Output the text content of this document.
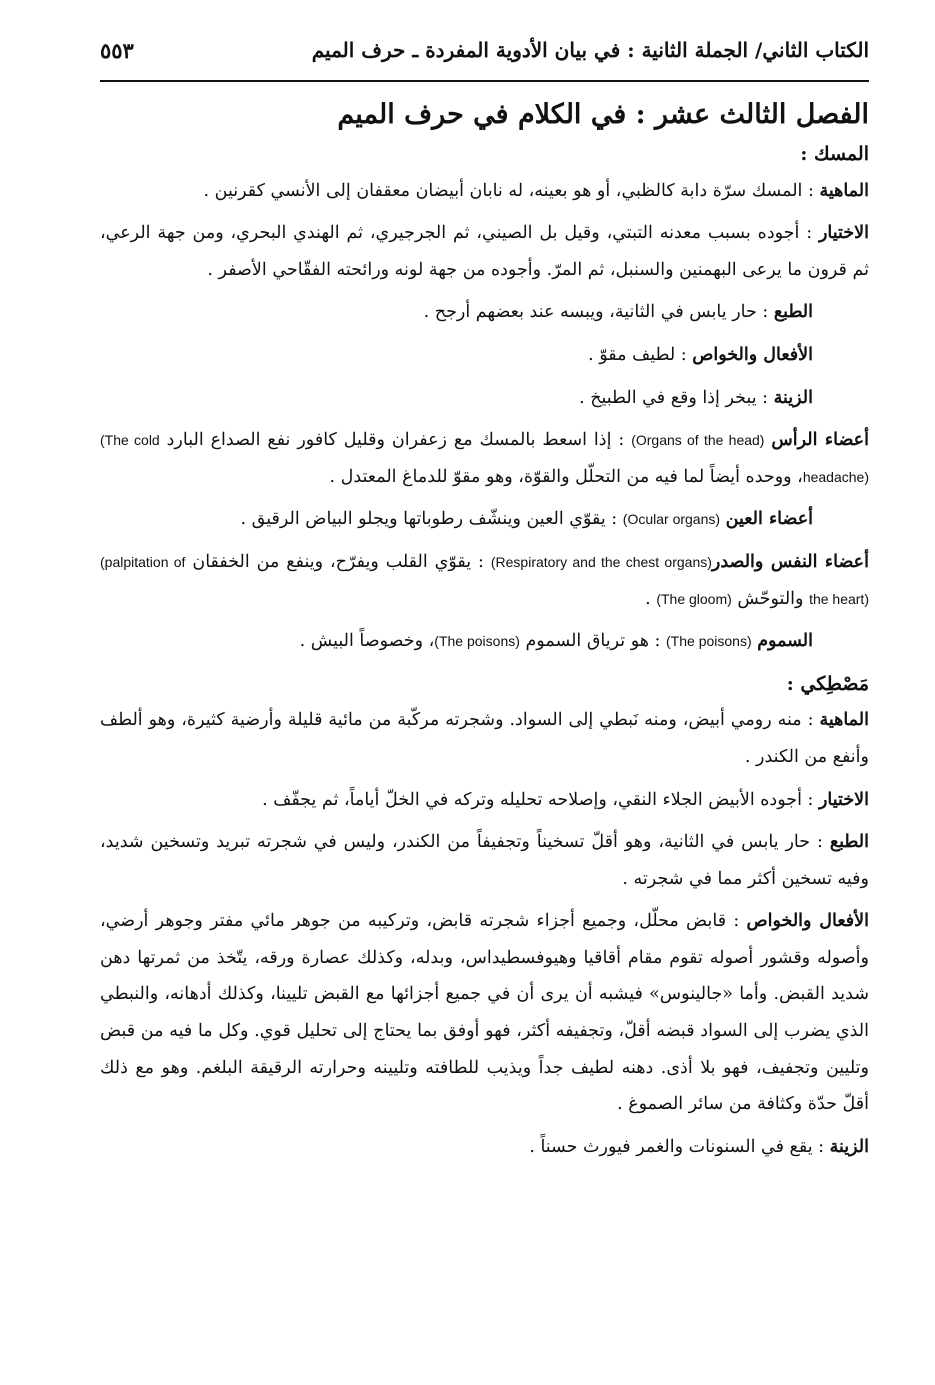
الكتاب الثاني/ الجملة الثانية : في بيان الأدوية المفردة ـ حرف الميم
٥٥٣
الفصل الثالث عشر : في الكلام في حرف الميم
المسك :

الماهية : المسك سرّة دابة كالظبي، أو هو بعينه، له نابان أبيضان معقفان إلى الأنسي كقرنين .

الاختيار : أجوده بسبب معدنه التبتي، وقيل بل الصيني، ثم الجرجيري، ثم الهندي البحري، ومن جهة الرعي، ثم قرون ما يرعى البهمنين والسنبل، ثم المرّ. وأجوده من جهة لونه ورائحته الفقّاحي الأصفر .

الطبع : حار يابس في الثانية، ويبسه عند بعضهم أرجح .

الأفعال والخواص : لطيف مقوّ .

الزينة : يبخر إذا وقع في الطبيخ .

أعضاء الرأس (Organs of the head) : إذا اسعط بالمسك مع زعفران وقليل كافور نفع الصداع البارد (The cold headache)، ووحده أيضاً لما فيه من التحلّل والقوّة، وهو مقوّ للدماغ المعتدل .

أعضاء العين (Ocular organs) : يقوّي العين وينشّف رطوباتها ويجلو البياض الرقيق .

أعضاء النفس والصدر(Respiratory and the chest organs) : يقوّي القلب ويفرّح، وينفع من الخفقان (palpitation of the heart) والتوحّش (The gloom) .

السموم (The poisons) : هو ترياق السموم (The poisons)، وخصوصاً البيش .

مَصْطِكي :

الماهية : منه رومي أبيض، ومنه نَبطي إلى السواد. وشجرته مركّبة من مائية قليلة وأرضية كثيرة، وهو ألطف وأنفع من الكندر .

الاختيار : أجوده الأبيض الجلاء النقي، وإصلاحه تحليله وتركه في الخلّ أياماً، ثم يجفّف .

الطبع : حار يابس في الثانية، وهو أقلّ تسخيناً وتجفيفاً من الكندر، وليس في شجرته تبريد وتسخين شديد، وفيه تسخين أكثر مما في شجرته .

الأفعال والخواص : قابض محلّل، وجميع أجزاء شجرته قابض، وتركيبه من جوهر مائي مفتر وجوهر أرضي، وأصوله وقشور أصوله تقوم مقام أقاقيا وهيوفسطيداس، وبدله، وكذلك عصارة ورقه، يتّخذ من ثمرتها دهن شديد القبض. وأما «جالينوس» فيشبه أن يرى أن في جميع أجزائها مع القبض تليينا، وكذلك أدهانه، والنبطي الذي يضرب إلى السواد قبضه أقلّ، وتجفيفه أكثر، فهو أوفق بما يحتاج إلى تحليل قوي. وكل ما فيه من قبض وتليين وتجفيف، فهو بلا أذى. دهنه لطيف جداً ويذيب للطافته وتليينه وحرارته الرقيقة البلغم. وهو مع ذلك أقلّ حدّة وكثافة من سائر الصموغ .

الزينة : يقع في السنونات والغمر فيورث حسناً .
